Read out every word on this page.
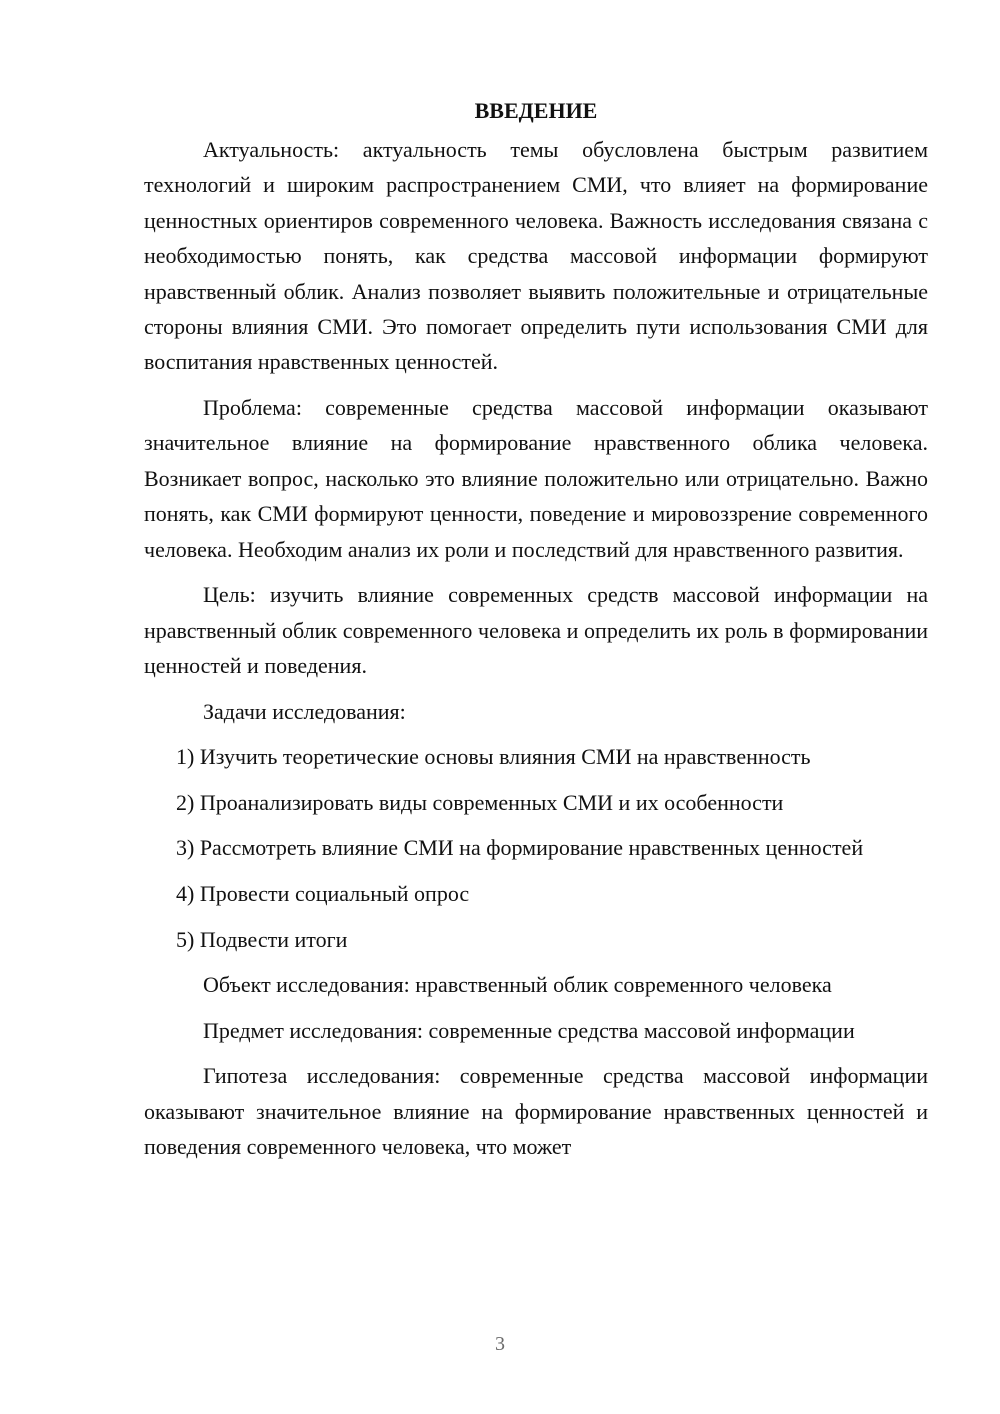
ВВЕДЕНИЕ

Актуальность: актуальность темы обусловлена быстрым развитием технологий и широким распространением СМИ, что влияет на формирование ценностных ориентиров современного человека. Важность исследования связана с необходимостью понять, как средства массовой информации формируют нравственный облик. Анализ позволяет выявить положительные и отрицательные стороны влияния СМИ. Это помогает определить пути использования СМИ для воспитания нравственных ценностей.

Проблема: современные средства массовой информации оказывают значительное влияние на формирование нравственного облика человека. Возникает вопрос, насколько это влияние положительно или отрицательно. Важно понять, как СМИ формируют ценности, поведение и мировоззрение современного человека. Необходим анализ их роли и последствий для нравственного развития.

Цель: изучить влияние современных средств массовой информации на нравственный облик современного человека и определить их роль в формировании ценностей и поведения.

Задачи исследования:

1) Изучить теоретические основы влияния СМИ на нравственность

2) Проанализировать виды современных СМИ и их особенности

3) Рассмотреть влияние СМИ на формирование нравственных ценностей

4) Провести социальный опрос

5) Подвести итоги

Объект исследования: нравственный облик современного человека

Предмет исследования: современные средства массовой информации

Гипотеза исследования: современные средства массовой информации оказывают значительное влияние на формирование нравственных ценностей и поведения современного человека, что может

3
